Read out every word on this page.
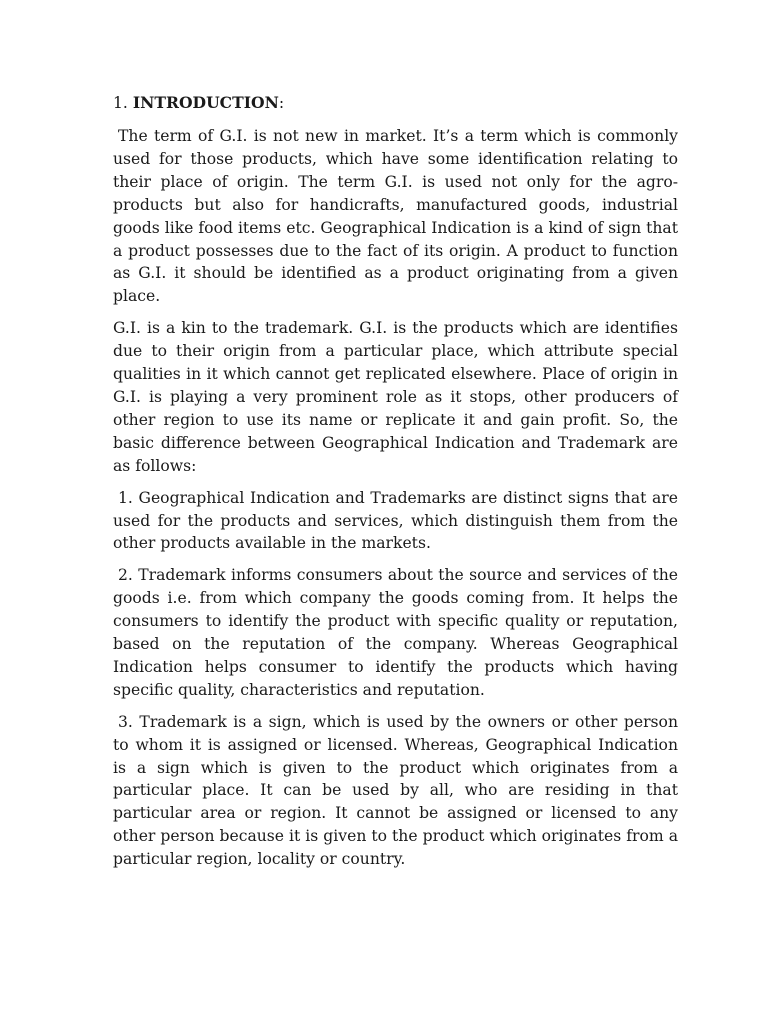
1. INTRODUCTION:

The term of G.I. is not new in market. It’s a term which is commonly used for those products, which have some identification relating to their place of origin. The term G.I. is used not only for the agro-products but also for handicrafts, manufactured goods, industrial goods like food items etc. Geographical Indication is a kind of sign that a product possesses due to the fact of its origin. A product to function as G.I. it should be identified as a product originating from a given place.

G.I. is a kin to the trademark. G.I. is the products which are identifies due to their origin from a particular place, which attribute special qualities in it which cannot get replicated elsewhere. Place of origin in G.I. is playing a very prominent role as it stops, other producers of other region to use its name or replicate it and gain profit. So, the basic difference between Geographical Indication and Trademark are as follows:

1. Geographical Indication and Trademarks are distinct signs that are used for the products and services, which distinguish them from the other products available in the markets.

2. Trademark informs consumers about the source and services of the goods i.e. from which company the goods coming from. It helps the consumers to identify the product with specific quality or reputation, based on the reputation of the company. Whereas Geographical Indication helps consumer to identify the products which having specific quality, characteristics and reputation.

3. Trademark is a sign, which is used by the owners or other person to whom it is assigned or licensed. Whereas, Geographical Indication is a sign which is given to the product which originates from a particular place. It can be used by all, who are residing in that particular area or region. It cannot be assigned or licensed to any other person because it is given to the product which originates from a particular region, locality or country.
